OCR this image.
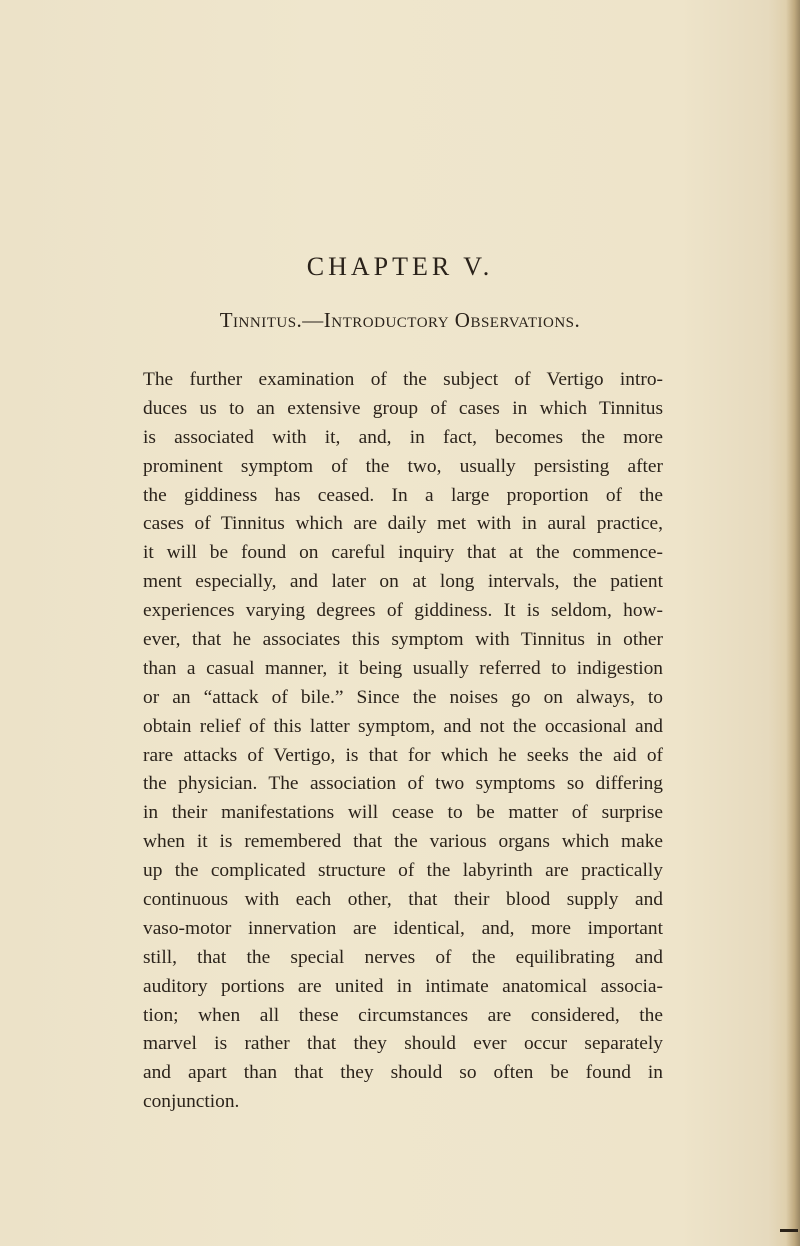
CHAPTER V.
Tinnitus.—Introductory Observations.
The further examination of the subject of Vertigo intro-
duces us to an extensive group of cases in which Tinnitus
is associated with it, and, in fact, becomes the more
prominent symptom of the two, usually persisting after
the giddiness has ceased. In a large proportion of the
cases of Tinnitus which are daily met with in aural practice,
it will be found on careful inquiry that at the commence-
ment especially, and later on at long intervals, the patient
experiences varying degrees of giddiness. It is seldom, how-
ever, that he associates this symptom with Tinnitus in other
than a casual manner, it being usually referred to indigestion
or an “attack of bile.” Since the noises go on always, to
obtain relief of this latter symptom, and not the occasional and
rare attacks of Vertigo, is that for which he seeks the aid of
the physician. The association of two symptoms so differing
in their manifestations will cease to be matter of surprise
when it is remembered that the various organs which make
up the complicated structure of the labyrinth are practically
continuous with each other, that their blood supply and
vaso-motor innervation are identical, and, more important
still, that the special nerves of the equilibrating and
auditory portions are united in intimate anatomical associa-
tion; when all these circumstances are considered, the
marvel is rather that they should ever occur separately
and apart than that they should so often be found in
conjunction.
